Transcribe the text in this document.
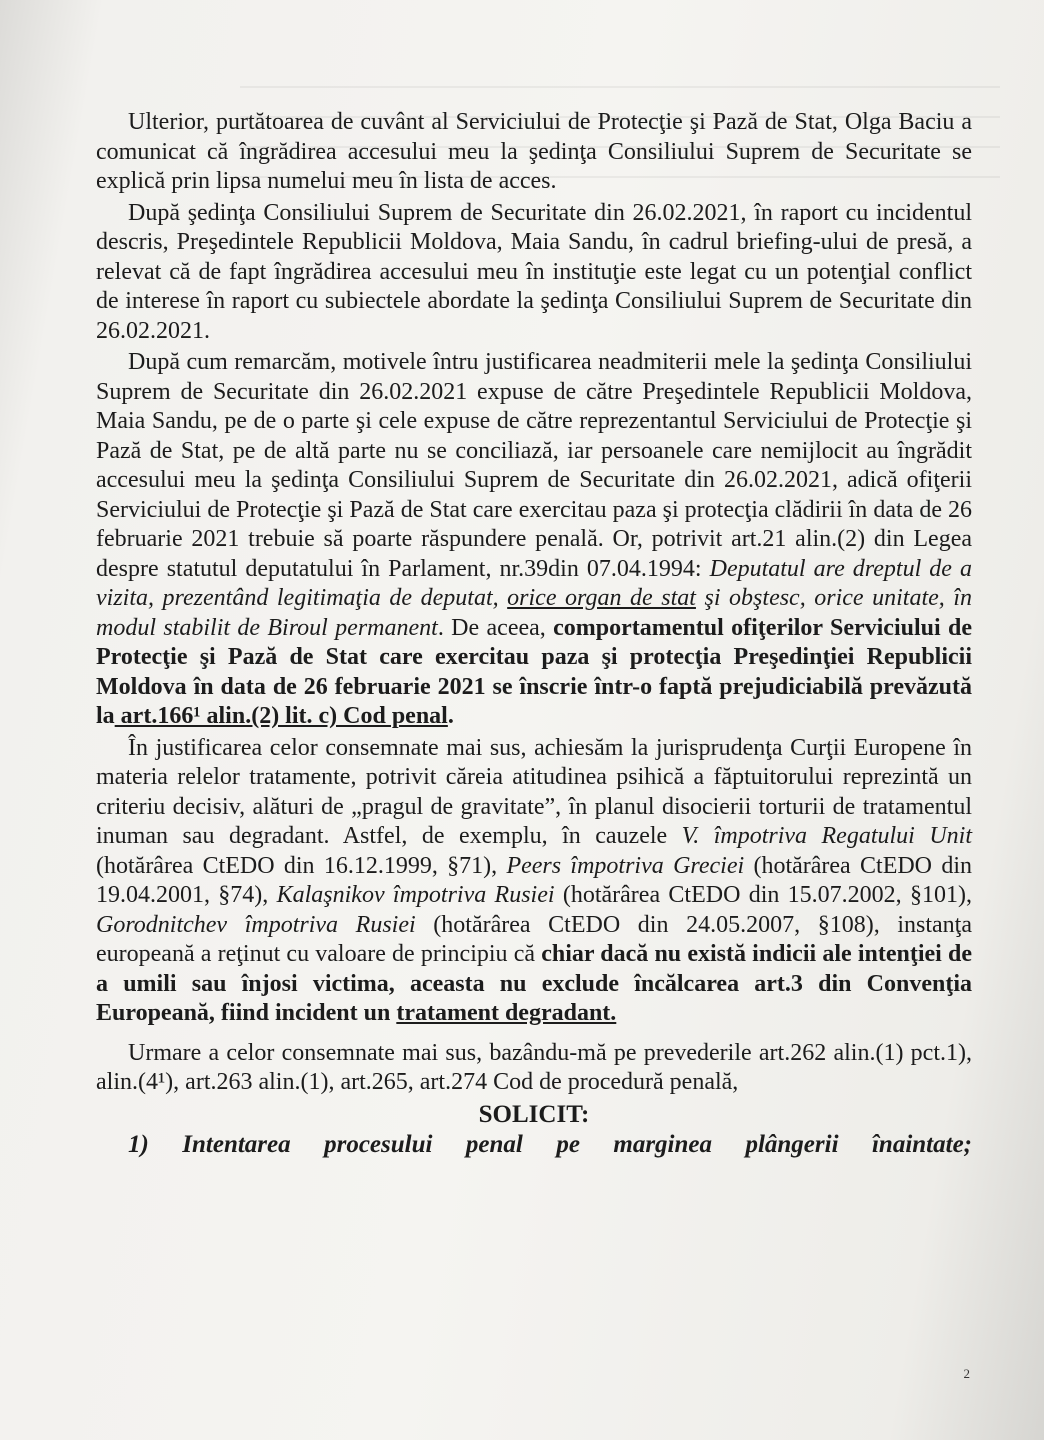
Ulterior, purtătoarea de cuvânt al Serviciului de Protecţie şi Pază de Stat, Olga Baciu a comunicat că îngrădirea accesului meu la şedinţa Consiliului Suprem de Securitate se explică prin lipsa numelui meu în lista de acces.

După şedinţa Consiliului Suprem de Securitate din 26.02.2021, în raport cu incidentul descris, Preşedintele Republicii Moldova, Maia Sandu, în cadrul briefing-ului de presă, a relevat că de fapt îngrădirea accesului meu în instituţie este legat cu un potenţial conflict de interese în raport cu subiectele abordate la şedinţa Consiliului Suprem de Securitate din 26.02.2021.

După cum remarcăm, motivele întru justificarea neadmiterii mele la şedinţa Consiliului Suprem de Securitate din 26.02.2021 expuse de către Preşedintele Republicii Moldova, Maia Sandu, pe de o parte şi cele expuse de către reprezentantul Serviciului de Protecţie şi Pază de Stat, pe de altă parte nu se conciliază, iar persoanele care nemijlocit au îngrădit accesului meu la şedinţa Consiliului Suprem de Securitate din 26.02.2021, adică ofiţerii Serviciului de Protecţie şi Pază de Stat care exercitau paza şi protecţia clădirii în data de 26 februarie 2021 trebuie să poarte răspundere penală. Or, potrivit art.21 alin.(2) din Legea despre statutul deputatului în Parlament, nr.39din 07.04.1994: Deputatul are dreptul de a vizita, prezentând legitimaţia de deputat, orice organ de stat şi obştesc, orice unitate, în modul stabilit de Biroul permanent. De aceea, comportamentul ofiţerilor Serviciului de Protecţie şi Pază de Stat care exercitau paza şi protecţia Preşedinţiei Republicii Moldova în data de 26 februarie 2021 se înscrie într-o faptă prejudiciabilă prevăzută la art.166¹ alin.(2) lit. c) Cod penal.

În justificarea celor consemnate mai sus, achiesăm la jurisprudenţa Curţii Europene în materia relelor tratamente, potrivit căreia atitudinea psihică a făptuitorului reprezintă un criteriu decisiv, alături de „pragul de gravitate”, în planul disocierii torturii de tratamentul inuman sau degradant. Astfel, de exemplu, în cauzele V. împotriva Regatului Unit (hotărârea CtEDO din 16.12.1999, §71), Peers împotriva Greciei (hotărârea CtEDO din 19.04.2001, §74), Kalaşnikov împotriva Rusiei (hotărârea CtEDO din 15.07.2002, §101), Gorodnitchev împotriva Rusiei (hotărârea CtEDO din 24.05.2007, §108), instanţa europeană a reţinut cu valoare de principiu că chiar dacă nu există indicii ale intenţiei de a umili sau înjosi victima, aceasta nu exclude încălcarea art.3 din Convenţia Europeană, fiind incident un tratament degradant.

Urmare a celor consemnate mai sus, bazându-mă pe prevederile art.262 alin.(1) pct.1), alin.(4¹), art.263 alin.(1), art.265, art.274 Cod de procedură penală,

SOLICIT:

1) Intentarea procesului penal pe marginea plângerii înaintate;

2
